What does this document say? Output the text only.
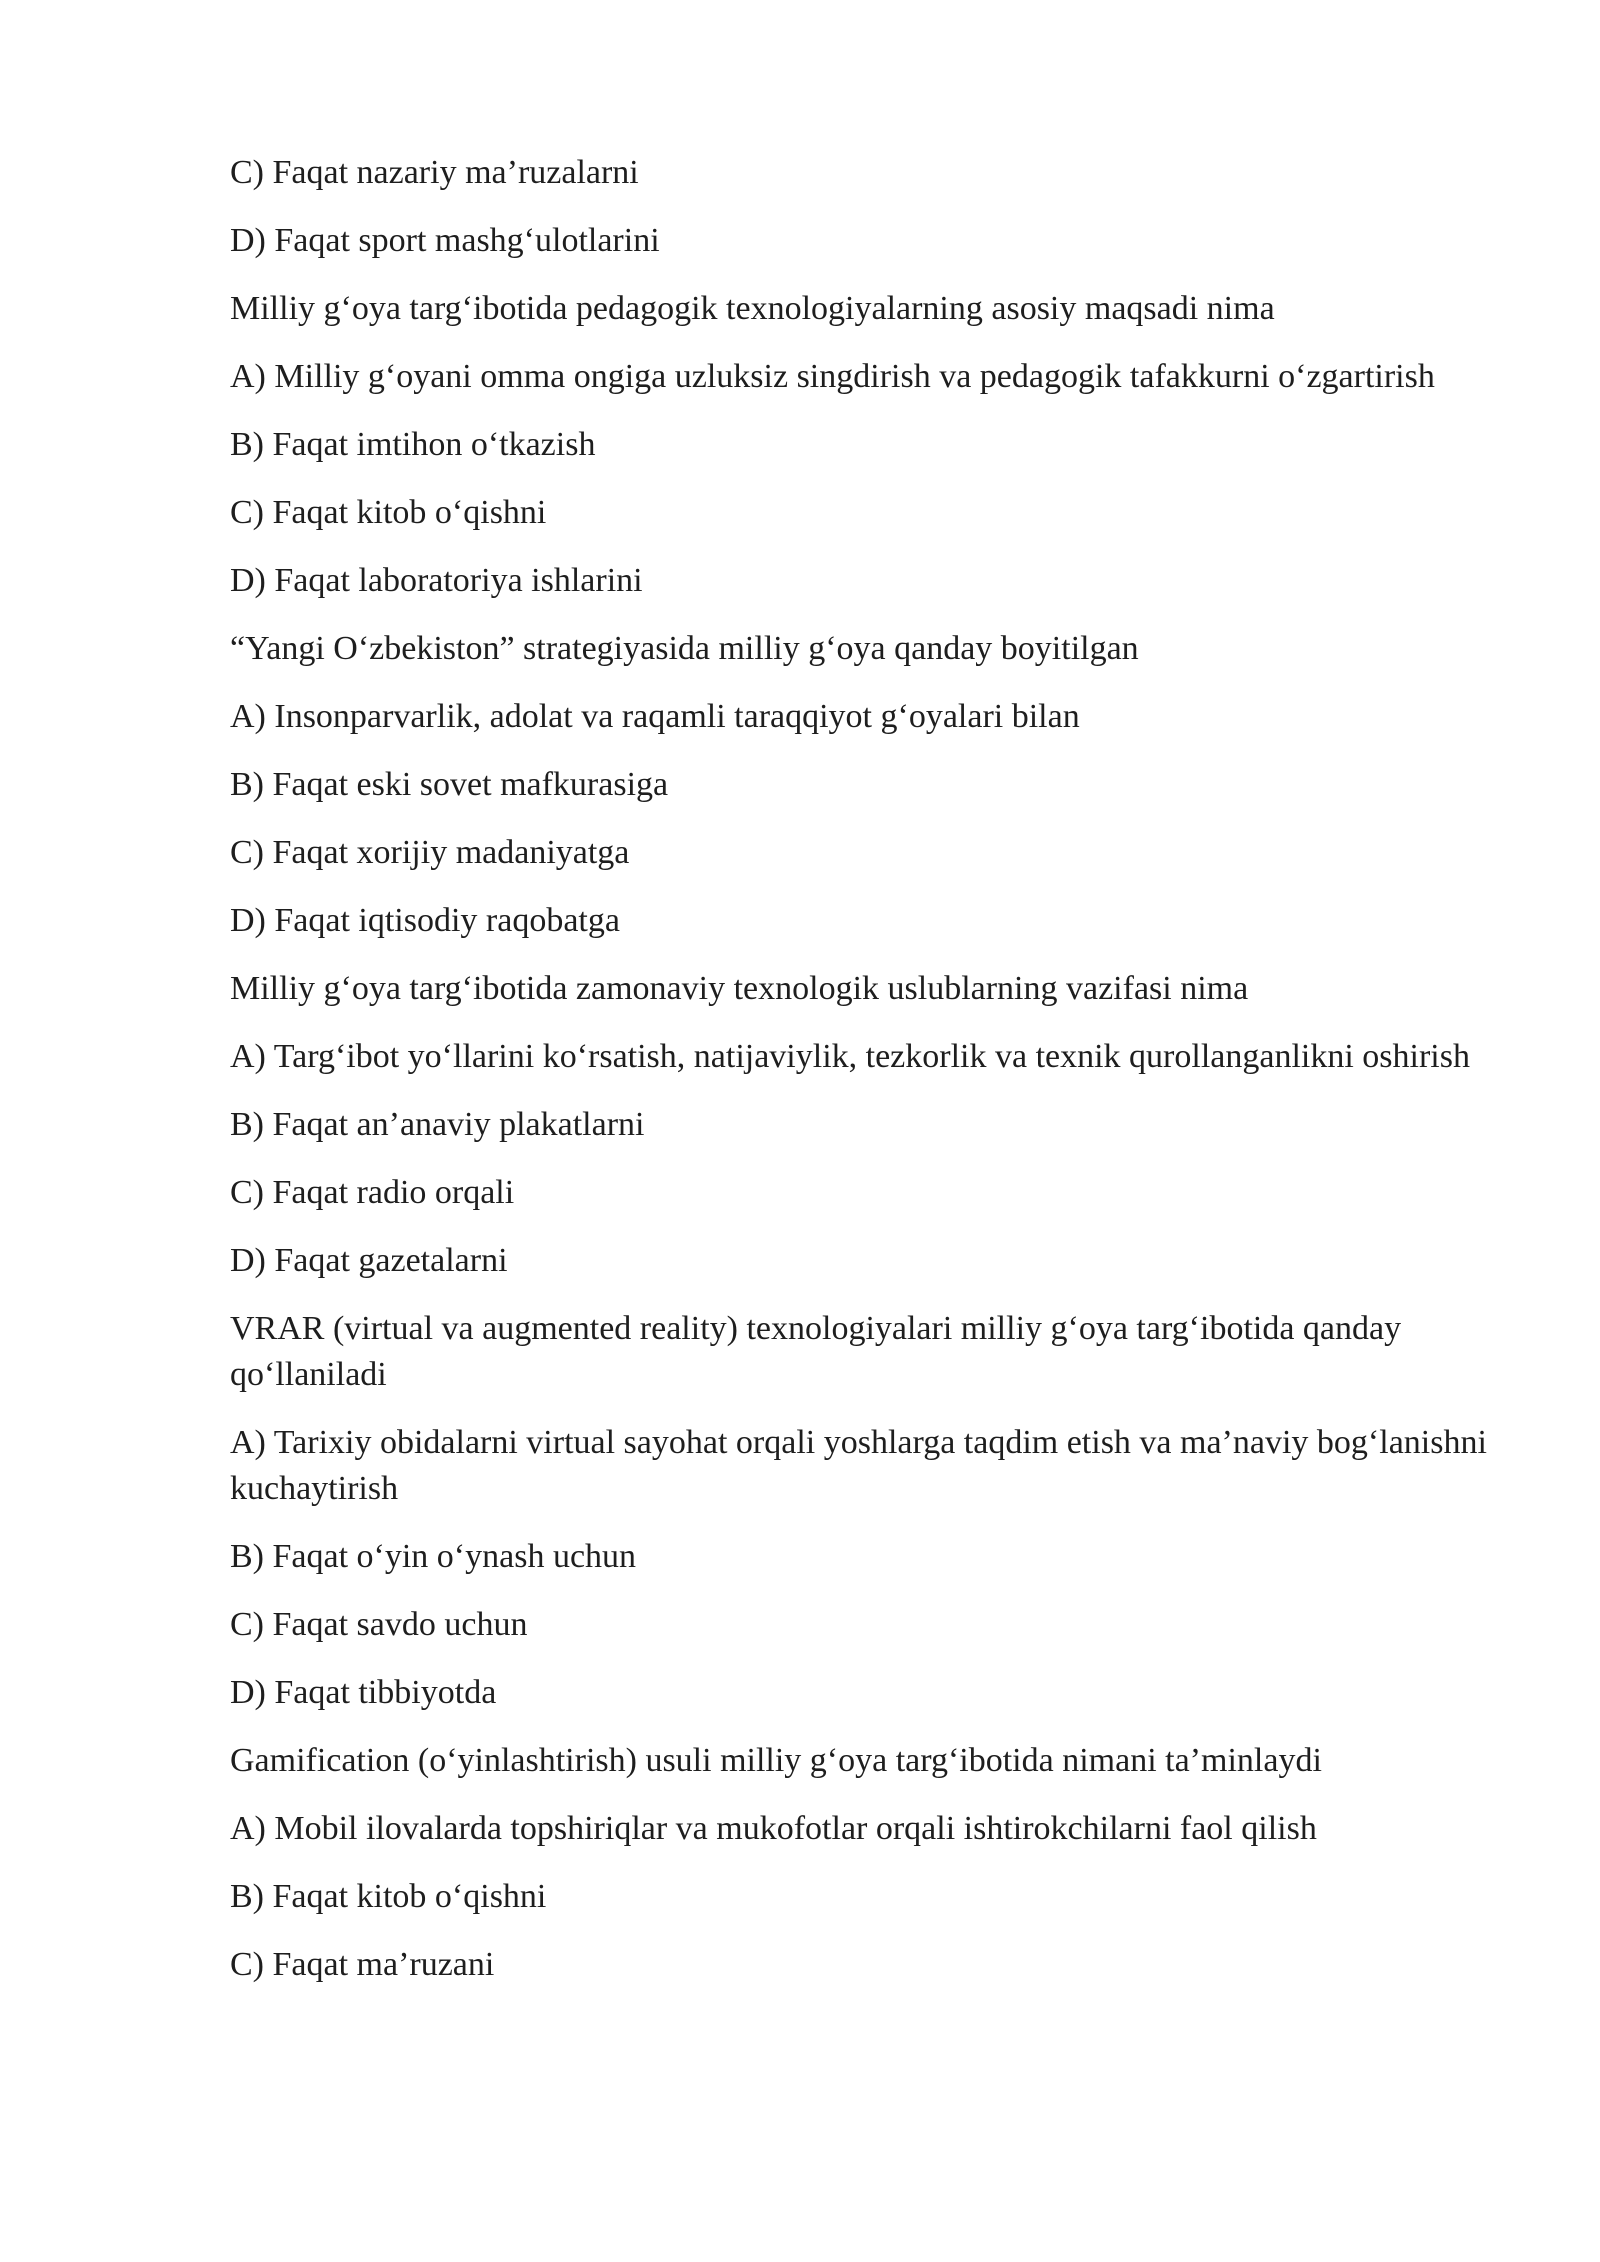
C) Faqat nazariy ma’ruzalarni

D) Faqat sport mashg‘ulotlarini

Milliy g‘oya targ‘ibotida pedagogik texnologiyalarning asosiy maqsadi nima

A) Milliy g‘oyani omma ongiga uzluksiz singdirish va pedagogik tafakkurni o‘zgartirish

B) Faqat imtihon o‘tkazish

C) Faqat kitob o‘qishni

D) Faqat laboratoriya ishlarini

“Yangi O‘zbekiston” strategiyasida milliy g‘oya qanday boyitilgan

A) Insonparvarlik, adolat va raqamli taraqqiyot g‘oyalari bilan

B) Faqat eski sovet mafkurasiga

C) Faqat xorijiy madaniyatga

D) Faqat iqtisodiy raqobatga

Milliy g‘oya targ‘ibotida zamonaviy texnologik uslublarning vazifasi nima

A) Targ‘ibot yo‘llarini ko‘rsatish, natijaviylik, tezkorlik va texnik qurollanganlikni oshirish

B) Faqat an’anaviy plakatlarni

C) Faqat radio orqali

D) Faqat gazetalarni

VRAR (virtual va augmented reality) texnologiyalari milliy g‘oya targ‘ibotida qanday qo‘llaniladi

A) Tarixiy obidalarni virtual sayohat orqali yoshlarga taqdim etish va ma’naviy bog‘lanishni kuchaytirish

B) Faqat o‘yin o‘ynash uchun

C) Faqat savdo uchun

D) Faqat tibbiyotda

Gamification (o‘yinlashtirish) usuli milliy g‘oya targ‘ibotida nimani ta’minlaydi

A) Mobil ilovalarda topshiriqlar va mukofotlar orqali ishtirokchilarni faol qilish

B) Faqat kitob o‘qishni

C) Faqat ma’ruzani
